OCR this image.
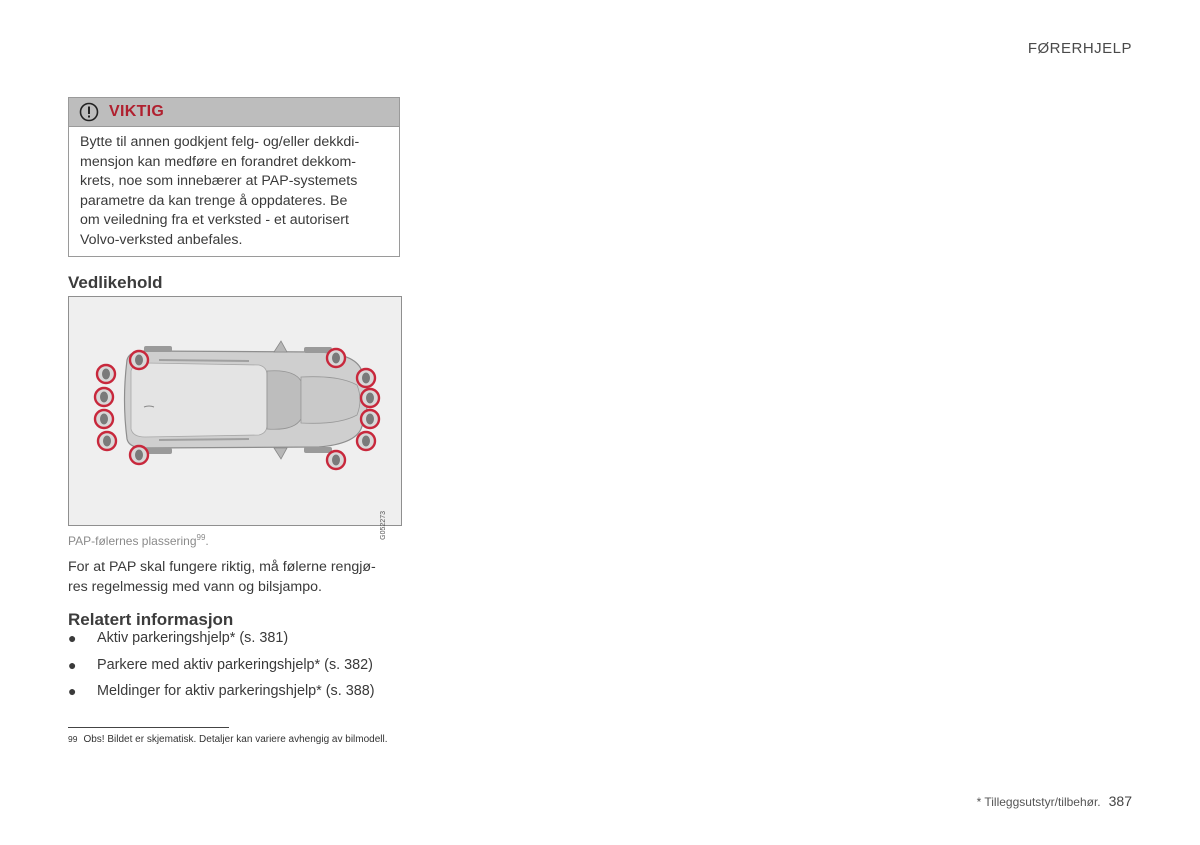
FØRERHJELP
VIKTIG
Bytte til annen godkjent felg- og/eller dekkdi-
mensjon kan medføre en forandret dekkom-
krets, noe som innebærer at PAP-systemets
parametre da kan trenge å oppdateres. Be
om veiledning fra et verksted - et autorisert
Volvo-verksted anbefales.
Vedlikehold
G052273
PAP-følernes plassering$^{99}$.
For at PAP skal fungere riktig, må følerne rengjø-
res regelmessig med vann og bilsjampo.
Relatert informasjon
●	Aktiv parkeringshjelp* (s. 381)
●	Parkere med aktiv parkeringshjelp* (s. 382)
●	Meldinger for aktiv parkeringshjelp* (s. 388)
$^{99}$ Obs! Bildet er skjematisk. Detaljer kan variere avhengig av bilmodell.
* Tilleggsutstyr/tilbehør. 387
